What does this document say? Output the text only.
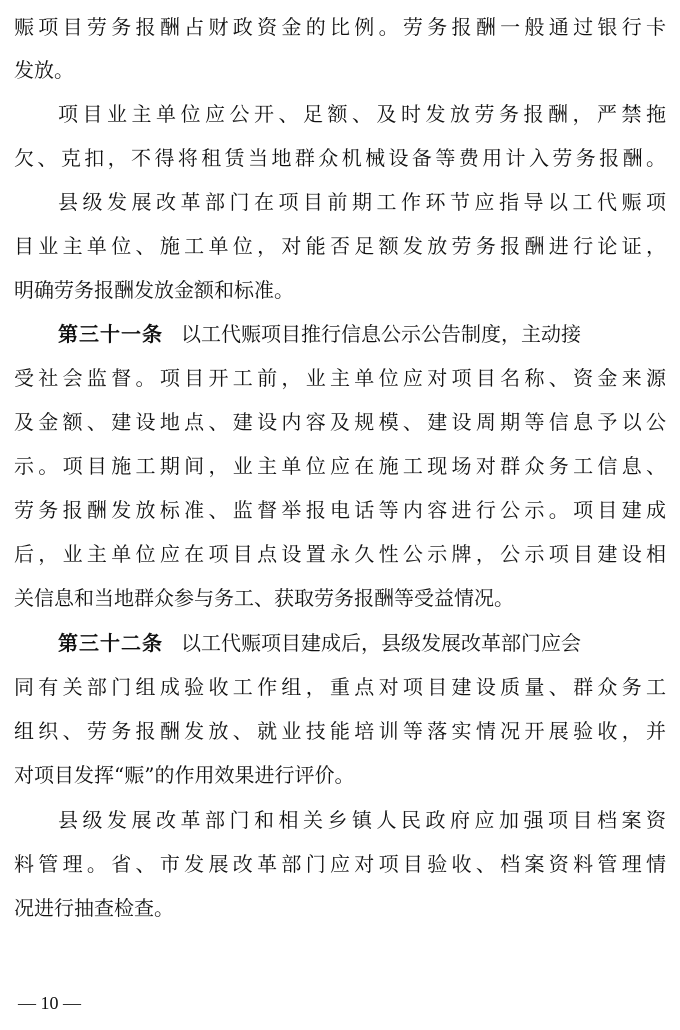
赈项目劳务报酬占财政资金的比例。劳务报酬一般通过银行卡
发放。
项目业主单位应公开、足额、及时发放劳务报酬，严禁拖
欠、克扣，不得将租赁当地群众机械设备等费用计入劳务报酬。
县级发展改革部门在项目前期工作环节应指导以工代赈项
目业主单位、施工单位，对能否足额发放劳务报酬进行论证，
明确劳务报酬发放金额和标准。
第三十一条 以工代赈项目推行信息公示公告制度，主动接
受社会监督。项目开工前，业主单位应对项目名称、资金来源
及金额、建设地点、建设内容及规模、建设周期等信息予以公
示。项目施工期间，业主单位应在施工现场对群众务工信息、
劳务报酬发放标准、监督举报电话等内容进行公示。项目建成
后，业主单位应在项目点设置永久性公示牌，公示项目建设相
关信息和当地群众参与务工、获取劳务报酬等受益情况。
第三十二条 以工代赈项目建成后，县级发展改革部门应会
同有关部门组成验收工作组，重点对项目建设质量、群众务工
组织、劳务报酬发放、就业技能培训等落实情况开展验收，并
对项目发挥“赈”的作用效果进行评价。
县级发展改革部门和相关乡镇人民政府应加强项目档案资
料管理。省、市发展改革部门应对项目验收、档案资料管理情
况进行抽查检查。
— 10 —
